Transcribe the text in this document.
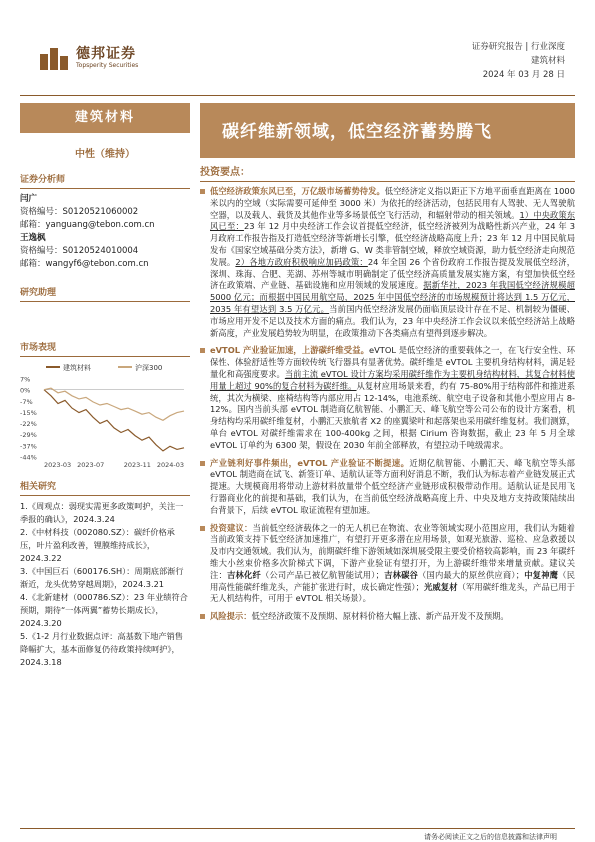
德邦证券
Topsperity Securities
证券研究报告 | 行业深度
建筑材料
2024 年 03 月 28 日
碳纤维新领域，低空经济蓄势腾飞
建筑材料
中性（维持）
证券分析师
闫广
资格编号：S0120521060002
邮箱：yanguang@tebon.com.cn
王逸枫
资格编号：S0120524010004
邮箱：wangyf6@tebon.com.cn
研究助理
市场表现
建筑材料	沪深300
7%
0%
-7%
-15%
-22%
-29%
-37%
-44%
2023-03 2023-07	2023-11 2024-03
相关研究
1.《周观点：弱现实需更多政策呵护，关注一季报的确认》，2024.3.24
2.《中材科技（002080.SZ）：碳纤价格承压，叶片盈利改善，锂膜维持成长》，2024.3.22
3.《中国巨石（600176.SH）：周期底部渐行渐近，龙头优势穿越周期》，2024.3.21
4.《北新建材（000786.SZ）：23 年业绩符合预期，期待“一体两翼”蓄势长期成长》，2024.3.20
5.《1-2 月行业数据点评：高基数下地产销售降幅扩大，基本面修复仍待政策持续呵护》，2024.3.18
投资要点：
低空经济政策东风已至，万亿级市场蓄势待发。低空经济定义指以距正下方地平面垂直距离在 1000 米以内的空域（实际需要可延伸至 3000 米）为依托的经济活动，包括民用有人驾驶、无人驾驶航空器，以及载人、载货及其他作业等多场景低空飞行活动，和辐射带动的相关领域。1）中央政策东风已至：23 年 12 月中央经济工作会议首提低空经济，低空经济被列为战略性新兴产业，24 年 3 月政府工作报告指及打造低空经济等新增长引擎，低空经济战略高度上升；23 年 12 月中国民航局发布《国家空域基础分类方法》，新增 G、W 类非管制空域，释放空域资源，助力低空经济走向规范发展。2）各地方政府积极响应加码政策：24 年全国 26 个省份政府工作报告提及发展低空经济，深圳、珠海、合肥、芜湖、苏州等城市明确制定了低空经济高质量发展实施方案，有望加快低空经济在政策端、产业链、基础设施和应用领域的发展速度。据新华社，2023 年我国低空经济规模超 5000 亿元；而根据中国民用航空局，2025 年中国低空经济的市场规模预计将达到 1.5 万亿元，2035 年有望达到 3.5 万亿元。当前国内低空经济发展仍面临顶层设计存在不足、机制较为僵硬、市场应用开发不足以及技术方面的痛点。我们认为，23 年中央经济工作会议以来低空经济站上战略新高度，产业发展趋势较为明显，在政策推动下各类痛点有望得到逐步解决。
eVTOL 产业验证加速，上游碳纤维受益。eVTOL 是低空经济的重要载体之一，在飞行安全性、环保性、体验舒适性等方面较传统飞行器具有显著优势。碳纤维是 eVTOL 主要机身结构材料，满足轻量化和高强度要求。当前主流 eVTOL 设计方案均采用碳纤维作为主要机身结构材料，其复合材料使用量上超过 90%的复合材料为碳纤维。从复材应用场景来看，约有 75-80%用于结构部件和推进系统，其次为横梁、座椅结构等内部应用占 12-14%，电池系统、航空电子设备和其他小型应用占 8-12%。国内当前头部 eVTOL 制造商亿航智能、小鹏汇天、峰飞航空等公司公布的设计方案看，机身结构均采用碳纤维复材，小鹏汇天旅航者 X2 的座翼梁叶和起落架也采用碳纤维复材。我们测算，单台 eVTOL 对碳纤维需求在 100-400kg 之间，根据 Cirium 咨询数据，截止 23 年 5 月全球 eVTOL 订单约为 6300 架，假设在 2030 年前全部释放，有望拉动千吨级需求。
产业链利好事件频出，eVTOL 产业验证不断提速。近期亿航智能、小鹏汇天、峰飞航空等头部 eVTOL 制造商在试飞、新签订单、适航认证等方面利好消息不断，我们认为标志着产业链发展正式提速。大规模商用将带动上游材料放量带个低空经济产业链形成积极带动作用。适航认证是民用飞行器商业化的前提和基础，我们认为，在当前低空经济战略高度上升、中央及地方支持政策陆续出台背景下，后续 eVTOL 取证流程有望加速。
投资建议：当前低空经济载体之一的无人机已在物流、农业等领域实现小范围应用，我们认为随着当前政策支持下低空经济加速推广，有望打开更多潜在应用场景，如观光旅游、巡检、应急救援以及市内交通领域。我们认为，前期碳纤维下游领域如深圳展受限主要受价格较高影响，而 23 年碳纤维大小丝束价格多次阶梯式下调，下游产业验证有望打开，为上游碳纤维带来增量贡献。建议关注：吉林化纤（公司产品已被亿航智能试用）；吉林碳谷（国内最大的原丝供应商）；中复神鹰（民用高性能碳纤维龙头，产能扩张进行时，成长确定性强）；光威复材（军用碳纤维龙头，产品已用于无人机结构件，可用于 eVTOL 相关场景）。
风险提示：低空经济政策不及预期、原材料价格大幅上涨、新产品开发不及预期。
请务必阅读正文之后的信息披露和法律声明
